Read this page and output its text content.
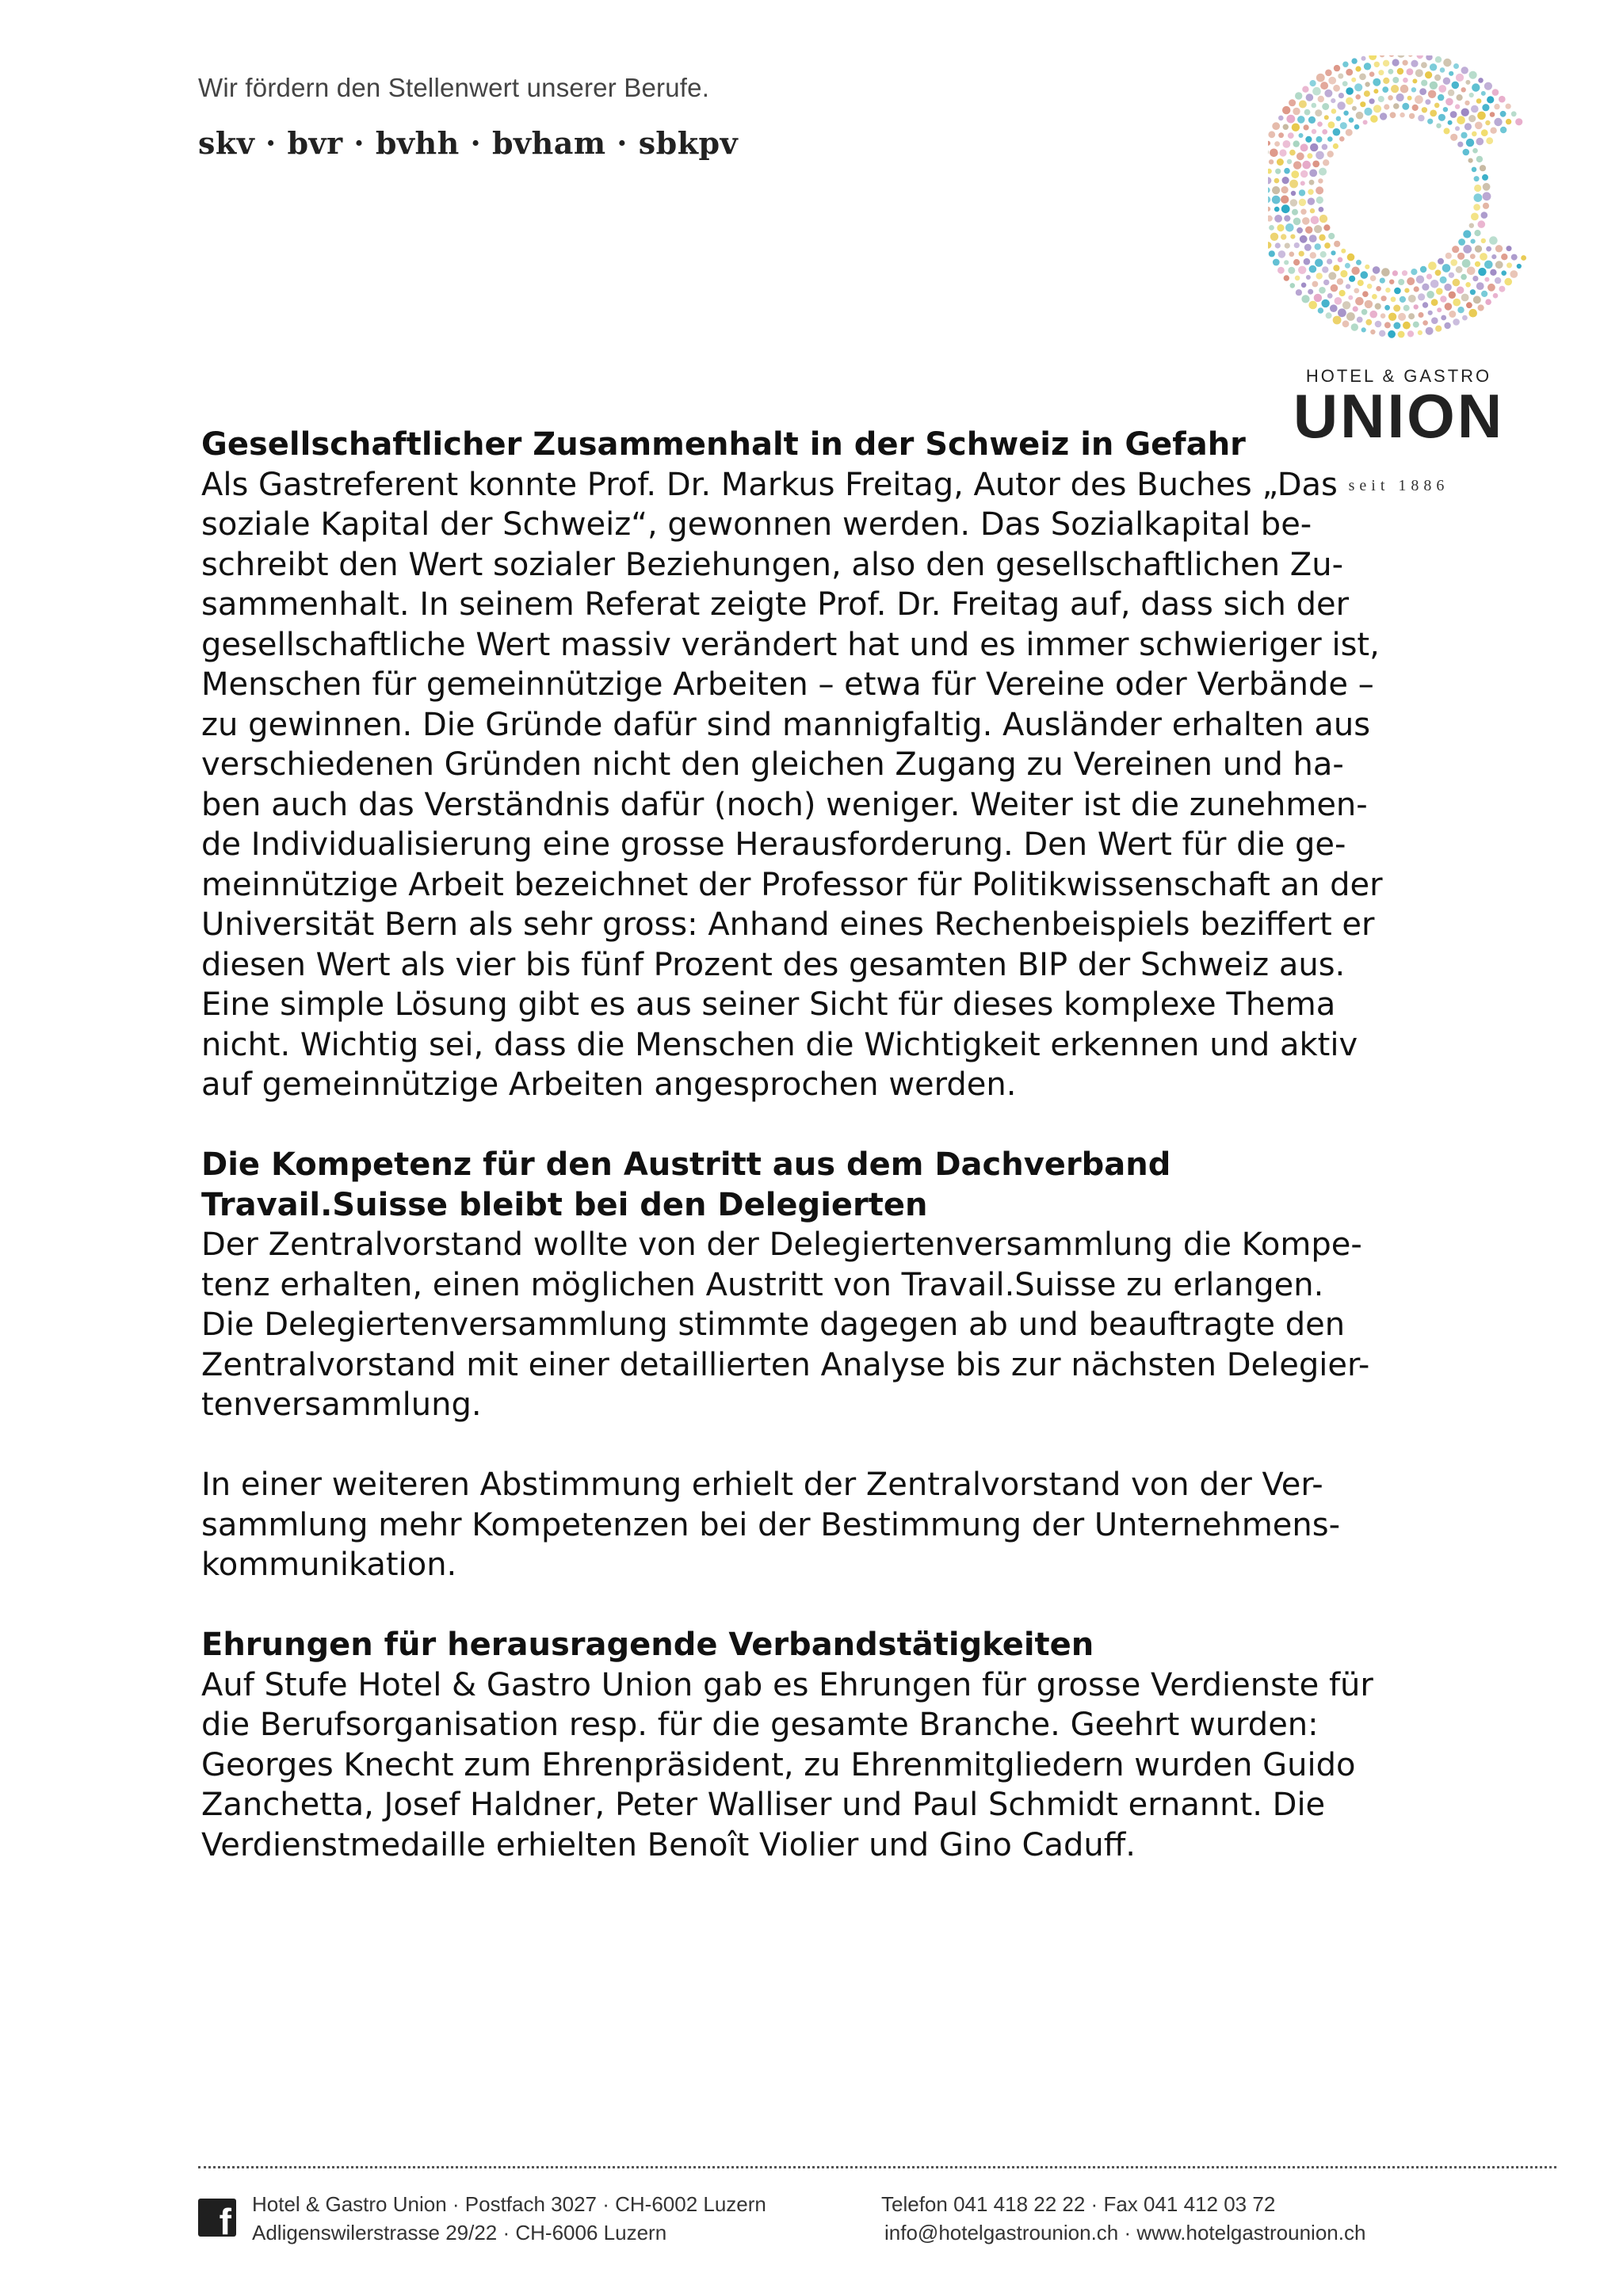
Wir fördern den Stellenwert unserer Berufe.
skv · bvr · bvhh · bvham · sbkpv
HOTEL & GASTRO
UNION
seit 1886
Gesellschaftlicher Zusammenhalt in der Schweiz in Gefahr
Als Gastreferent konnte Prof. Dr. Markus Freitag, Autor des Buches „Das
soziale Kapital der Schweiz“, gewonnen werden. Das Sozialkapital be-
schreibt den Wert sozialer Beziehungen, also den gesellschaftlichen Zu-
sammenhalt. In seinem Referat zeigte Prof. Dr. Freitag auf, dass sich der
gesellschaftliche Wert massiv verändert hat und es immer schwieriger ist,
Menschen für gemeinnützige Arbeiten – etwa für Vereine oder Verbände –
zu gewinnen. Die Gründe dafür sind mannigfaltig. Ausländer erhalten aus
verschiedenen Gründen nicht den gleichen Zugang zu Vereinen und ha-
ben auch das Verständnis dafür (noch) weniger. Weiter ist die zunehmen-
de Individualisierung eine grosse Herausforderung. Den Wert für die ge-
meinnützige Arbeit bezeichnet der Professor für Politikwissenschaft an der
Universität Bern als sehr gross: Anhand eines Rechenbeispiels beziffert er
diesen Wert als vier bis fünf Prozent des gesamten BIP der Schweiz aus.
Eine simple Lösung gibt es aus seiner Sicht für dieses komplexe Thema
nicht. Wichtig sei, dass die Menschen die Wichtigkeit erkennen und aktiv
auf gemeinnützige Arbeiten angesprochen werden.
Die Kompetenz für den Austritt aus dem Dachverband
Travail.Suisse bleibt bei den Delegierten
Der Zentralvorstand wollte von der Delegiertenversammlung die Kompe-
tenz erhalten, einen möglichen Austritt von Travail.Suisse zu erlangen.
Die Delegiertenversammlung stimmte dagegen ab und beauftragte den
Zentralvorstand mit einer detaillierten Analyse bis zur nächsten Delegier-
tenversammlung.
In einer weiteren Abstimmung erhielt der Zentralvorstand von der Ver-
sammlung mehr Kompetenzen bei der Bestimmung der Unternehmens-
kommunikation.
Ehrungen für herausragende Verbandstätigkeiten
Auf Stufe Hotel & Gastro Union gab es Ehrungen für grosse Verdienste für
die Berufsorganisation resp. für die gesamte Branche. Geehrt wurden:
Georges Knecht zum Ehrenpräsident, zu Ehrenmitgliedern wurden Guido
Zanchetta, Josef Haldner, Peter Walliser und Paul Schmidt ernannt. Die
Verdienstmedaille erhielten Benoît Violier und Gino Caduff.
f Hotel & Gastro Union · Postfach 3027 · CH-6002 Luzern
Adligenswilerstrasse 29/22 · CH-6006 Luzern
Telefon 041 418 22 22 · Fax 041 412 03 72
info@hotelgastrounion.ch · www.hotelgastrounion.ch
